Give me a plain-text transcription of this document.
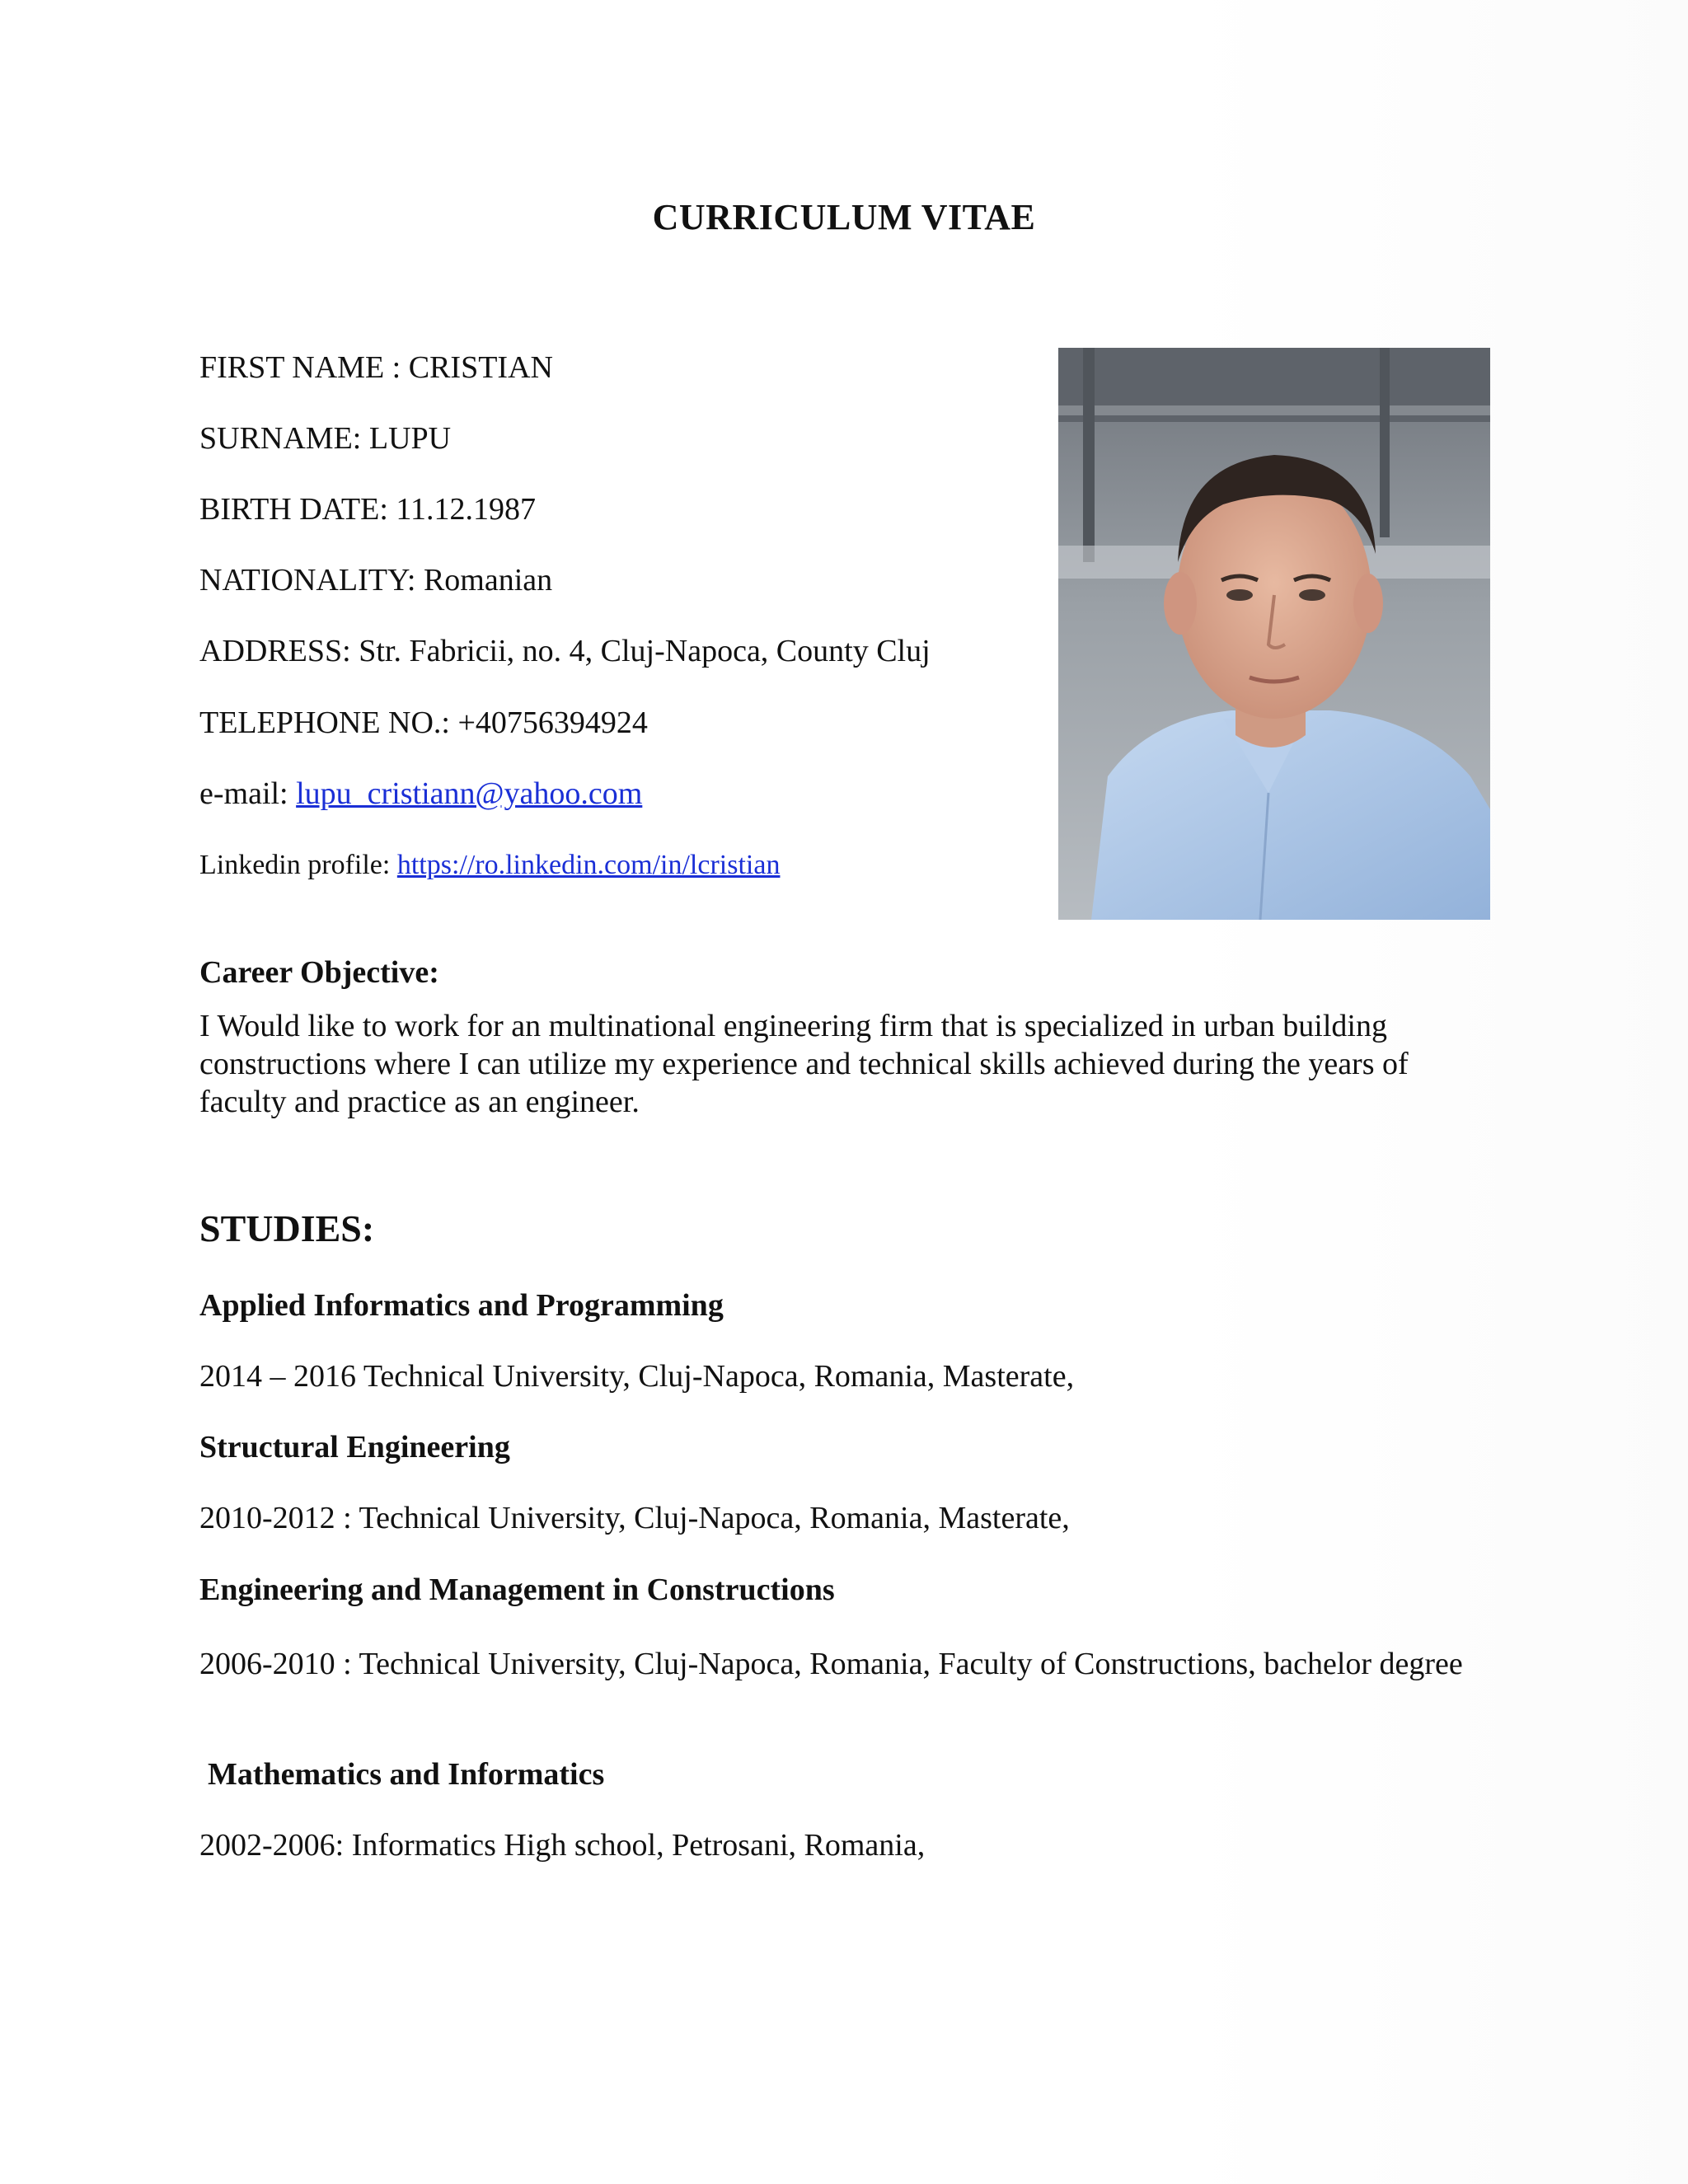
CURRICULUM VITAE
FIRST NAME : CRISTIAN
SURNAME: LUPU
BIRTH DATE: 11.12.1987
NATIONALITY: Romanian
ADDRESS: Str. Fabricii, no. 4, Cluj-Napoca, County Cluj
TELEPHONE NO.: +40756394924
e-mail: lupu_cristiann@yahoo.com
Linkedin profile: https://ro.linkedin.com/in/lcristian
Career Objective:
I Would like to work for an multinational engineering firm that is specialized in urban building constructions where I can utilize my experience and technical skills achieved during the years of faculty and practice as an engineer.
STUDIES:
Applied Informatics and Programming
2014 – 2016 Technical University, Cluj-Napoca, Romania, Masterate,
Structural Engineering
2010-2012 : Technical University, Cluj-Napoca, Romania, Masterate,
Engineering and Management in Constructions
2006-2010 : Technical University, Cluj-Napoca, Romania, Faculty of Constructions, bachelor degree
Mathematics and Informatics
2002-2006: Informatics High school, Petrosani, Romania,
